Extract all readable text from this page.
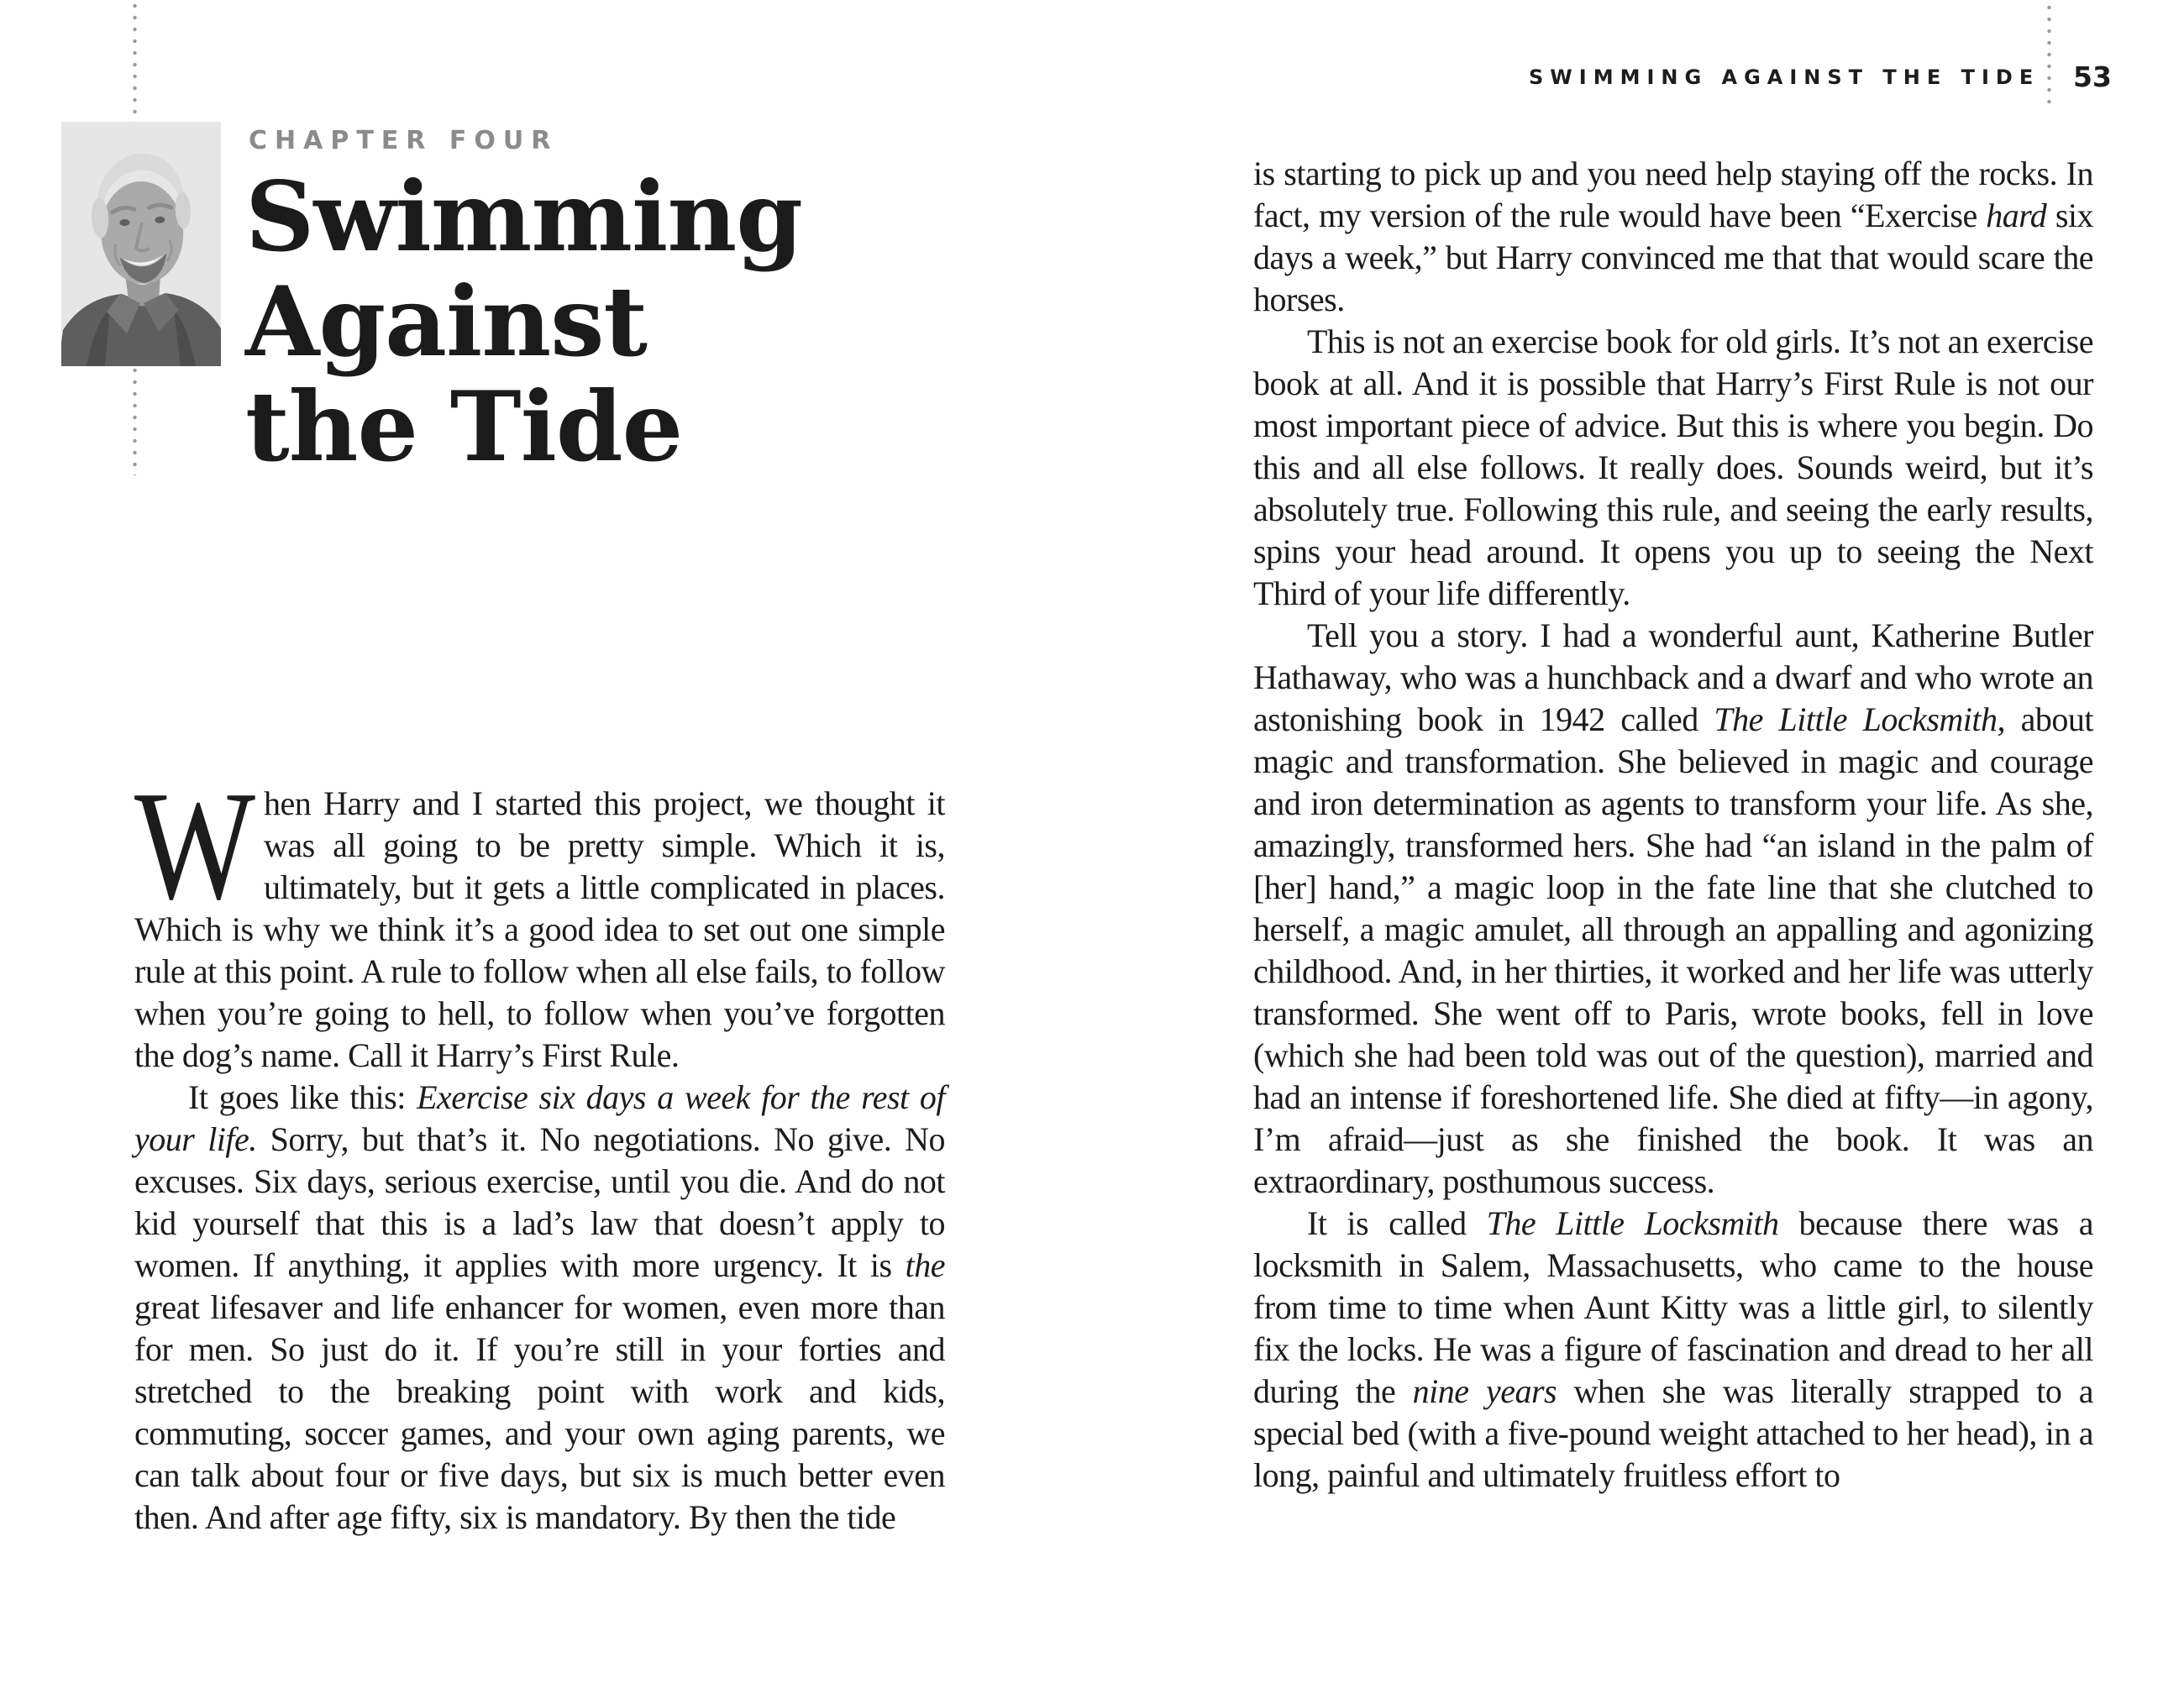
CHAPTER FOUR
Swimming
Against
the Tide

When Harry and I started this project, we thought it was all going to be pretty simple. Which it is, ultimately, but it gets a little complicated in places. Which is why we think it’s a good idea to set out one simple rule at this point. A rule to follow when all else fails, to follow when you’re going to hell, to follow when you’ve forgotten the dog’s name. Call it Harry’s First Rule.

It goes like this: Exercise six days a week for the rest of your life. Sorry, but that’s it. No negotiations. No give. No excuses. Six days, serious exercise, until you die. And do not kid yourself that this is a lad’s law that doesn’t apply to women. If anything, it applies with more urgency. It is the great lifesaver and life enhancer for women, even more than for men. So just do it. If you’re still in your forties and stretched to the breaking point with work and kids, commuting, soccer games, and your own aging parents, we can talk about four or five days, but six is much better even then. And after age fifty, six is mandatory. By then the tide

SWIMMING AGAINST THE TIDE 53

is starting to pick up and you need help staying off the rocks. In fact, my version of the rule would have been “Exercise hard six days a week,” but Harry convinced me that that would scare the horses.

This is not an exercise book for old girls. It’s not an exercise book at all. And it is possible that Harry’s First Rule is not our most important piece of advice. But this is where you begin. Do this and all else follows. It really does. Sounds weird, but it’s absolutely true. Following this rule, and seeing the early results, spins your head around. It opens you up to seeing the Next Third of your life differently.

Tell you a story. I had a wonderful aunt, Katherine Butler Hathaway, who was a hunchback and a dwarf and who wrote an astonishing book in 1942 called The Little Locksmith, about magic and transformation. She believed in magic and courage and iron determination as agents to transform your life. As she, amazingly, transformed hers. She had “an island in the palm of [her] hand,” a magic loop in the fate line that she clutched to herself, a magic amulet, all through an appalling and agonizing childhood. And, in her thirties, it worked and her life was utterly transformed. She went off to Paris, wrote books, fell in love (which she had been told was out of the question), married and had an intense if foreshortened life. She died at fifty—in agony, I’m afraid—just as she finished the book. It was an extraordinary, posthumous success.

It is called The Little Locksmith because there was a locksmith in Salem, Massachusetts, who came to the house from time to time when Aunt Kitty was a little girl, to silently fix the locks. He was a figure of fascination and dread to her all during the nine years when she was literally strapped to a special bed (with a five-pound weight attached to her head), in a long, painful and ultimately fruitless effort to
